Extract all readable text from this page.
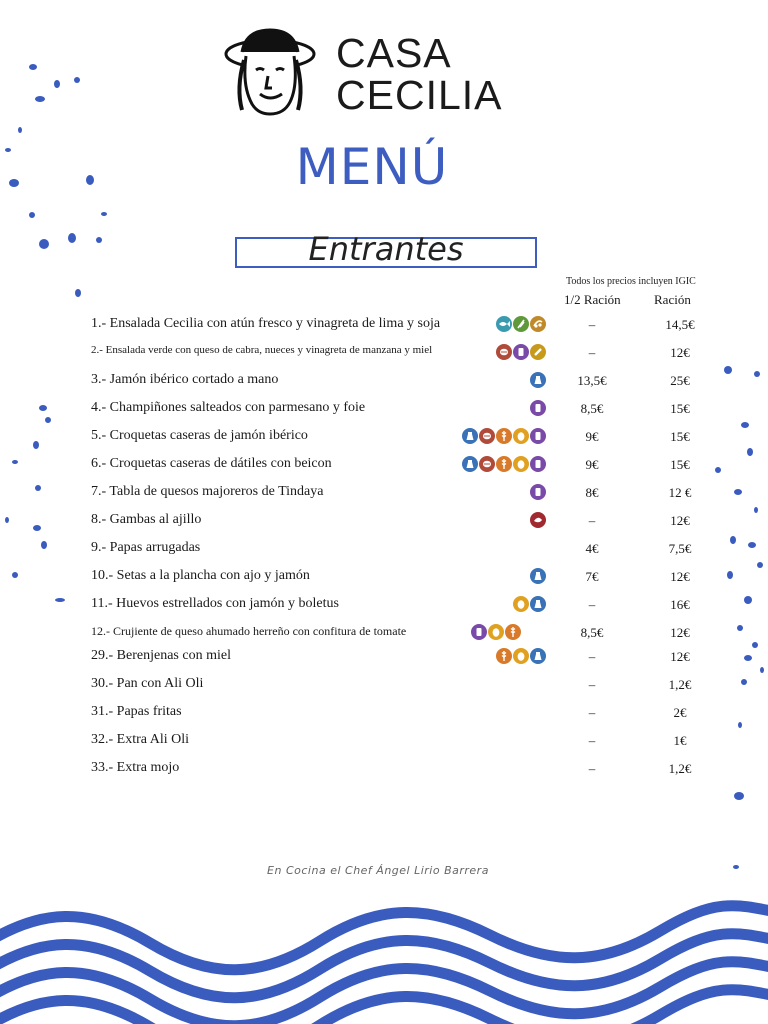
CASA
CECILIA
MENÚ
Entrantes
Todos los precios incluyen IGIC
1/2 Ración	Ración
1.- Ensalada Cecilia con atún fresco y vinagreta de lima y soja	–	14,5€
2.- Ensalada verde con queso de cabra, nueces y vinagreta de manzana y miel	–	12€
3.- Jamón ibérico cortado a mano	13,5€	25€
4.- Champiñones salteados con parmesano y foie	8,5€	15€
5.- Croquetas caseras de jamón ibérico	9€	15€
6.- Croquetas caseras de dátiles con beicon	9€	15€
7.- Tabla de quesos majoreros de Tindaya	8€	12 €
8.- Gambas al ajillo	–	12€
9.- Papas arrugadas	4€	7,5€
10.- Setas a la plancha con ajo y jamón	7€	12€
11.- Huevos estrellados con jamón y boletus	–	16€
12.- Crujiente de queso ahumado herreño con confitura de tomate	8,5€	12€
29.- Berenjenas con miel	–	12€
30.- Pan con Ali Oli	–	1,2€
31.- Papas fritas	–	2€
32.- Extra Ali Oli	–	1€
33.- Extra mojo	–	1,2€
En Cocina el Chef Ángel Lirio Barrera
